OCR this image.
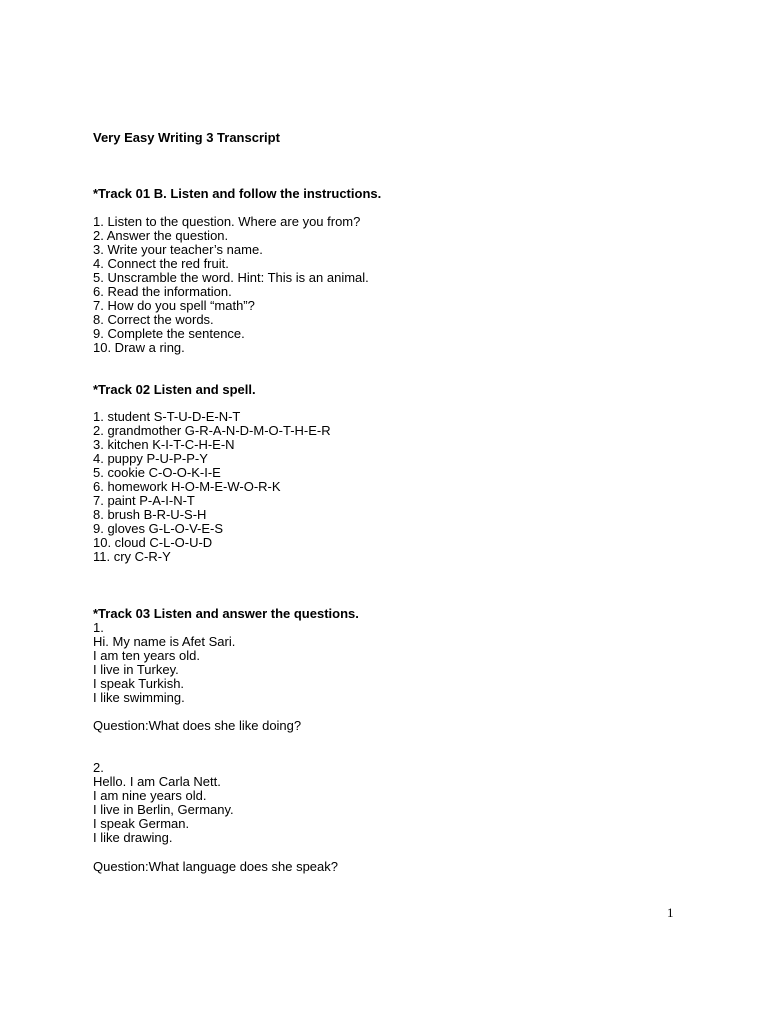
Very Easy Writing 3 Transcript
*Track 01 B. Listen and follow the instructions.
1. Listen to the question. Where are you from?
2. Answer the question.
3. Write your teacher’s name.
4. Connect the red fruit.
5. Unscramble the word. Hint: This is an animal.
6. Read the information.
7. How do you spell “math”?
8. Correct the words.
9. Complete the sentence.
10. Draw a ring.
*Track 02 Listen and spell.
1. student S-T-U-D-E-N-T
2. grandmother G-R-A-N-D-M-O-T-H-E-R
3. kitchen K-I-T-C-H-E-N
4. puppy P-U-P-P-Y
5. cookie C-O-O-K-I-E
6. homework H-O-M-E-W-O-R-K
7. paint P-A-I-N-T
8. brush B-R-U-S-H
9. gloves G-L-O-V-E-S
10. cloud C-L-O-U-D
11. cry C-R-Y
*Track 03 Listen and answer the questions.
1.
Hi. My name is Afet Sari.
I am ten years old.
I live in Turkey.
I speak Turkish.
I like swimming.
Question:What does she like doing?
2.
Hello. I am Carla Nett.
I am nine years old.
I live in Berlin, Germany.
I speak German.
I like drawing.
Question:What language does she speak?
1
